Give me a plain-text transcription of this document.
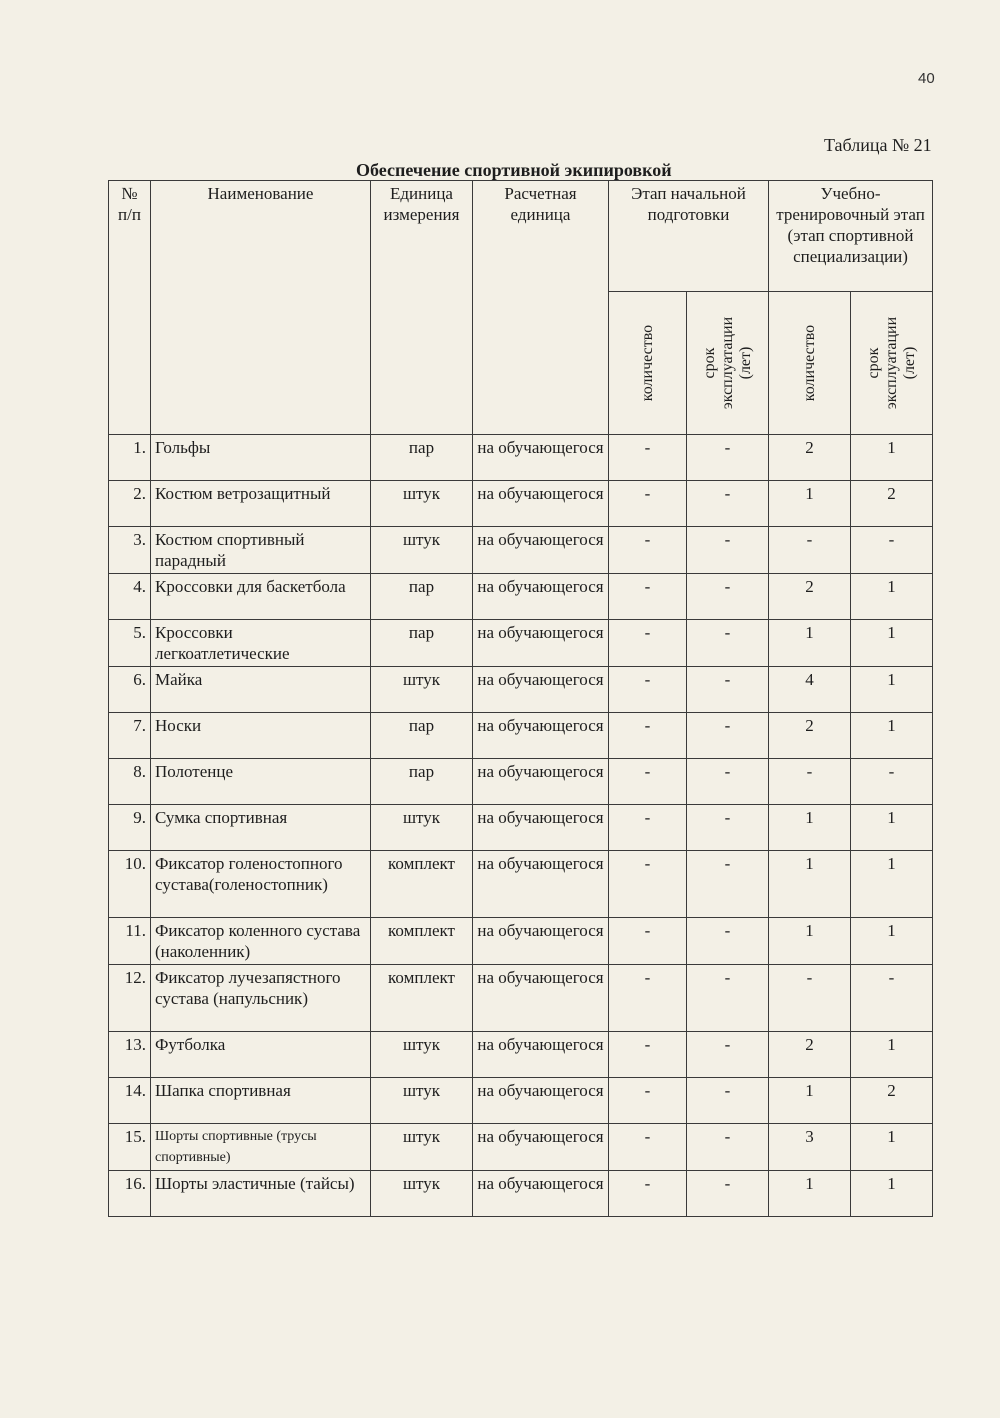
40
Таблица № 21
Обеспечение спортивной экипировкой
№ п/п	Наименование	Единица измерения	Расчетная единица	Этап начальной подготовки		Учебно-тренировочный этап (этап спортивной специализации)	

				количество	срок эксплуатации (лет)	количество	срок эксплуатации (лет)

1.	Гольфы	пар	на обучающегося	-	-	2	1
2.	Костюм ветрозащитный	штук	на обучающегося	-	-	1	2
3.	Костюм спортивный парадный	штук	на обучающегося	-	-	-	-
4.	Кроссовки для баскетбола	пар	на обучающегося	-	-	2	1
5.	Кроссовки легкоатлетические	пар	на обучающегося	-	-	1	1
6.	Майка	штук	на обучающегося	-	-	4	1
7.	Носки	пар	на обучающегося	-	-	2	1
8.	Полотенце	пар	на обучающегося	-	-	-	-
9.	Сумка спортивная	штук	на обучающегося	-	-	1	1
10.	Фиксатор голеностопного сустава(голеностопник)	комплект	на обучающегося	-	-	1	1
11.	Фиксатор коленного сустава (наколенник)	комплект	на обучающегося	-	-	1	1
12.	Фиксатор лучезапястного сустава (напульсник)	комплект	на обучающегося	-	-	-	-
13.	Футболка	штук	на обучающегося	-	-	2	1
14.	Шапка спортивная	штук	на обучающегося	-	-	1	2
15.	Шорты спортивные (трусы спортивные)	штук	на обучающегося	-	-	3	1
16.	Шорты эластичные (тайсы)	штук	на обучающегося	-	-	1	1
